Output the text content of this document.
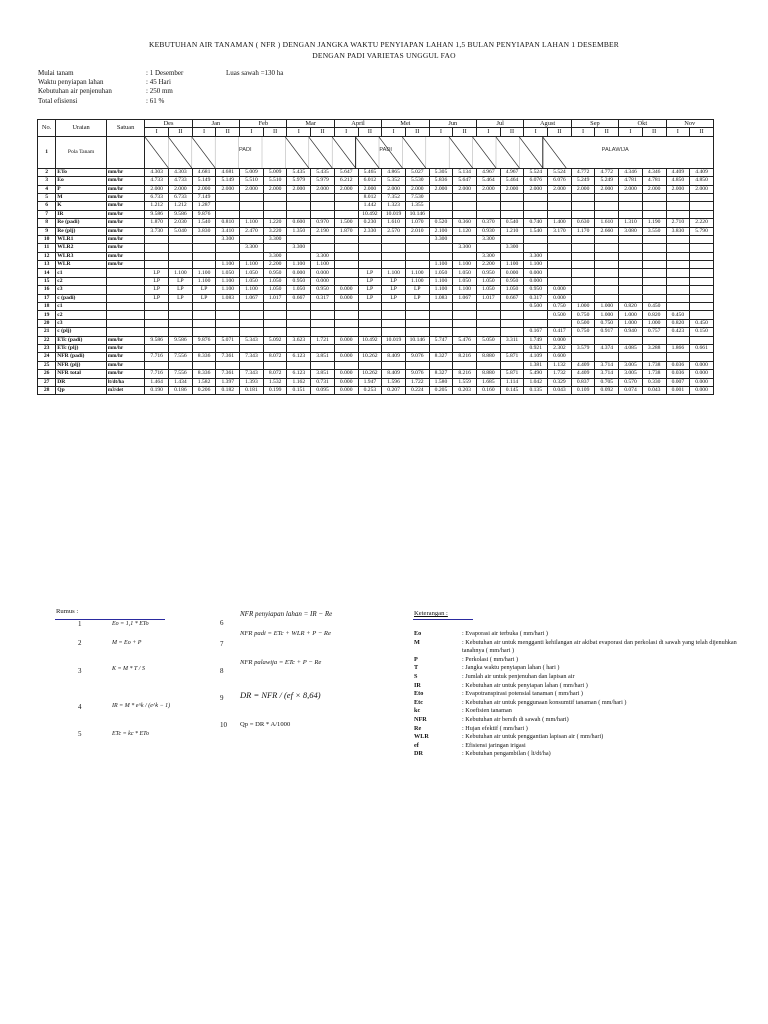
KEBUTUHAN AIR TANAMAN ( NFR ) DENGAN JANGKA WAKTU PENYIAPAN LAHAN 1,5 BULAN PENYIAPAN LAHAN 1 DESEMBER
DENGAN PADI VARIETAS UNGGUL FAO
Mulai tanam	: 1 Desember	Luas sawah =130 ha
Waktu penyiapan lahan	: 45 Hari
Kebutuhan air penjenuhan	: 250 mm
Total efisiensi	: 61 %
No.	Uraian	Satuan	Des		Jan		Feb		Mar		April		Mei		Jun		Jul		Agust		Sep		Okt		Nov	
			I	II	I	II	I	II	I	II	I	II	I	II	I	II	I	II	I	II	I	II	I	II	I	II
1	Pola Tanam		PADI PADI PALAWIJA																							

2	ETo	mm/hr	4.303	4.303	4.681	4.681	5.009	5.009	5.435	5.435	5.647	5.465	4.865	5.027	5.305	5.134	4.967	4.967	5.524	5.524	4.772	4.772	4.346	4.346	4.409	4.409
3	Eo	mm/hr	4.733	4.733	5.149	5.149	5.510	5.510	5.979	5.979	6.212	6.012	5.352	5.530	5.836	5.647	5.464	5.464	6.076	6.076	5.249	5.249	4.781	4.781	4.850	4.850
4	P	mm/hr	2.000	2.000	2.000	2.000	2.000	2.000	2.000	2.000	2.000	2.000	2.000	2.000	2.000	2.000	2.000	2.000	2.000	2.000	2.000	2.000	2.000	2.000	2.000	2.000
5	M	mm/hr	6.733	6.733	7.149							8.012	7.352	7.530												
6	K	mm/hr	1.212	1.212	1.287							1.442	1.323	1.355												
7	IR	mm/hr	9.586	9.586	9.876							10.492	10.019	10.146												
8	Re (padi)	mm/hr	1.870	2.030	1.540	0.810	1.100	1.220	0.600	0.970	1.500	0.230	1.610	1.070	0.520	0.360	0.370	0.540	0.740	1.400	0.630	1.610	1.310	1.190	2.710	2.220
9	Re (plj)	mm/hr	3.730	5.040	3.830	3.410	2.470	3.220	1.350	2.190	1.870	2.330	2.570	2.010	2.100	1.120	0.930	1.210	1.540	3.170	1.170	2.660	3.080	3.550	3.830	5.790
10	WLR1	mm/hr				3.300		3.300							3.300		3.300									
11	WLR2	mm/hr					3.300		3.300							3.300		3.300								
12	WLR3	mm/hr						3.300		3.300							3.300		3.300							
13	WLR	mm/hr				1.100	1.100	2.200	1.100	1.100					1.100	1.100	2.200	1.100	1.100							
14	c1		LP	1.100	1.100	1.050	1.050	0.950	0.000	0.000		LP	1.100	1.100	1.050	1.050	0.950	0.000	0.000							
15	c2		LP	LP	1.100	1.100	1.050	1.050	0.950	0.000		LP	LP	1.100	1.100	1.050	1.050	0.950	0.000							
16	c3		LP	LP	LP	1.100	1.100	1.050	1.050	0.950	0.000	LP	LP	LP	1.100	1.100	1.050	1.050	0.950	0.000						
17	c (padi)		LP	LP	LP	1.083	1.067	1.017	0.667	0.317	0.000	LP	LP	LP	1.083	1.067	1.017	0.667	0.317	0.000						
18	c1																		0.500	0.750	1.000	1.000	0.820	0.450		
19	c2																			0.500	0.750	1.000	1.000	0.820	0.450	
20	c3																				0.500	0.750	1.000	1.000	0.820	0.450
21	c (plj)																		0.167	0.417	0.750	0.917	0.940	0.757	0.423	0.150
22	ETc (padi)	mm/hr	9.586	9.586	9.876	5.071	5.343	5.092	3.623	1.721	0.000	10.492	10.019	10.146	5.747	5.476	5.050	3.311	1.749	0.000						
23	ETc (plj)	mm/hr																	0.921	2.302	3.579	4.374	4.085	3.288	1.866	0.661
24	NFR (padi)	mm/hr	7.716	7.556	8.336	7.361	7.343	8.072	6.123	3.851	0.000	10.262	8.409	9.076	8.327	8.216	8.880	5.871	4.109	0.600						
25	NFR (plj)	mm/hr																	1.381	1.132	4.409	3.714	3.005	1.738	0.036	0.000
26	NFR total	mm/hr	7.716	7.556	8.336	7.361	7.343	8.072	6.123	3.851	0.000	10.262	8.409	9.076	8.327	8.216	8.880	5.871	5.490	1.732	4.409	3.714	3.005	1.738	0.036	0.000
27	DR	lt/dt/ha	1.464	1.434	1.582	1.397	1.393	1.532	1.162	0.731	0.000	1.947	1.596	1.722	1.580	1.559	1.685	1.114	1.042	0.329	0.837	0.705	0.570	0.330	0.007	0.000
28	Qp	m3/det	0.190	0.186	0.206	0.182	0.181	0.199	0.151	0.095	0.000	0.253	0.207	0.224	0.205	0.203	0.160	0.145	0.135	0.043	0.109	0.092	0.074	0.043	0.001	0.000
Rumus :
1	Eo = 1,1 * ETo
2	M = Eo + P
3	K = M * T / S
4	IR = M * e^k / (e^k − 1)
5	ETc = kc * ETo
6
NFR penyiapan lahan = IR − Re
7
NFR padi = ETc + WLR + P − Re
8
NFR palawija = ETc + P − Re
9 DR = NFR / (ef × 8,64)
10 Qp = DR * A/1000
Keterangan :
Eo	: Evaporasi air terbuka ( mm/hari )
M	: Kebutuhan air untuk mengganti kehilangan air akibat evaporasi dan perkolasi di sawah yang telah dijenuhkan tanahnya ( mm/hari )
P	: Perkolasi ( mm/hari )
T	: Jangka waktu penyiapan lahan ( hari )
S	: Jumlah air untuk penjenuhan dan lapisan air
IR	: Kebutuhan air untuk penyiapan lahan ( mm/hari )
Eto	: Evapotranspirasi potensial tanaman ( mm/hari )
Etc	: Kebutuhan air untuk penggunaan konsumtif tanaman ( mm/hari )
kc	: Koefisien tanaman
NFR	: Kebutuhan air bersih di sawah ( mm/hari)
Re	: Hujan efektif ( mm/hari )
WLR	: Kebutuhan air untuk penggantian lapisan air ( mm/hari)
ef	: Efisiensi jaringan irigasi
DR	: Kebutuhan pengambilan ( lt/dt/ha)
